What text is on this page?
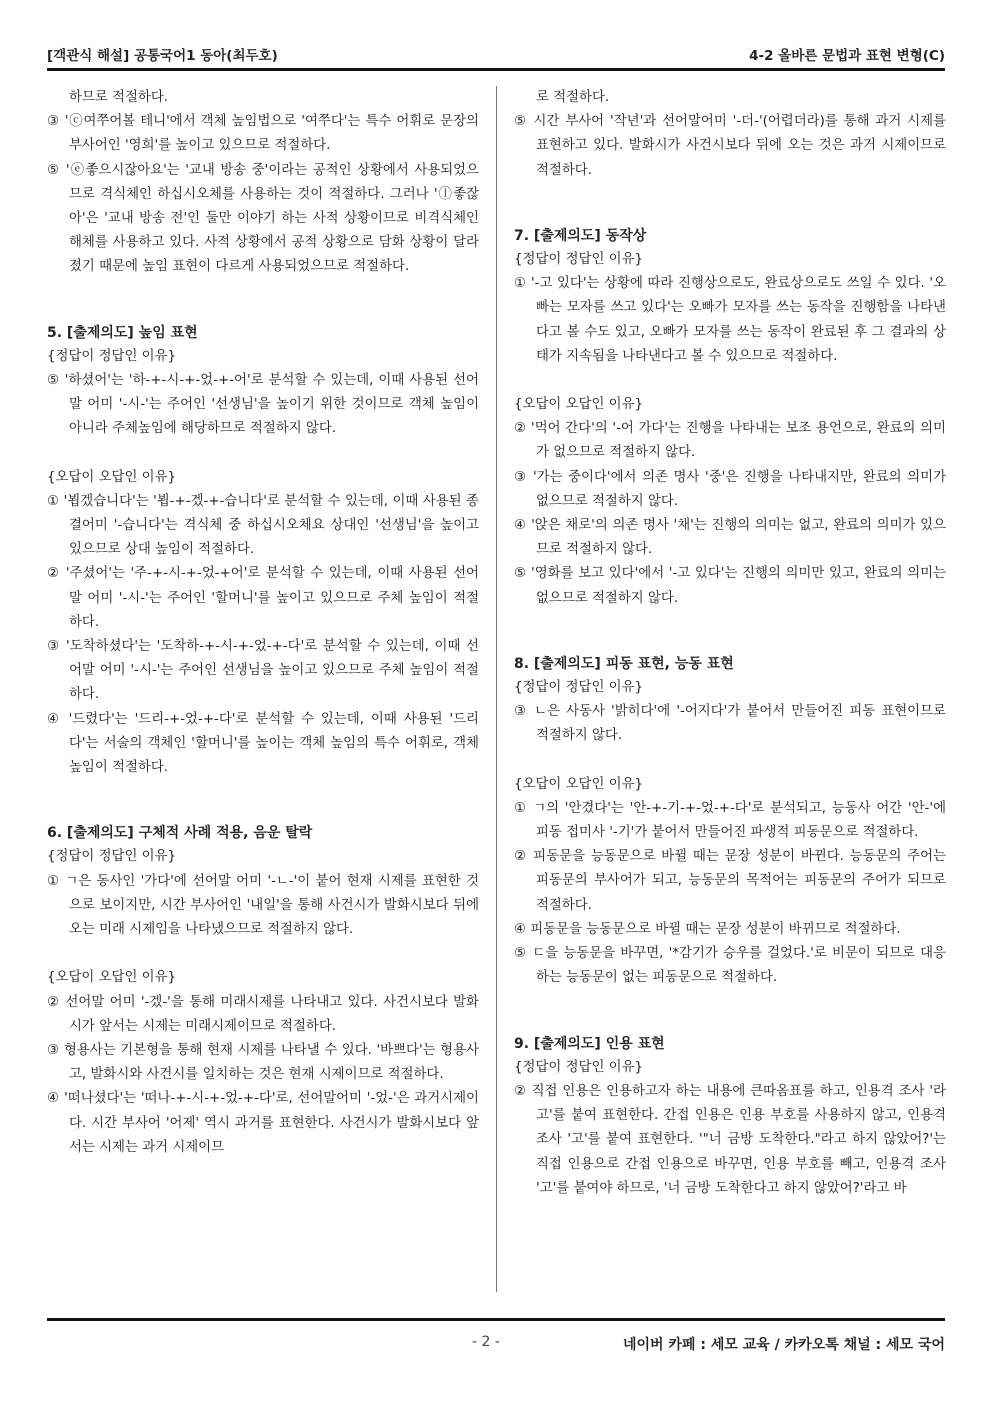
[객관식 해설] 공통국어1 동아(최두호)	4-2 올바른 문법과 표현 변형(C)

하므로 적절하다.

③ 'ⓒ여쭈어볼 테니'에서 객체 높임법으로 '여쭈다'는 특수 어휘로 문장의 부사어인 '영희'를 높이고 있으므로 적절하다.

⑤ 'ⓔ좋으시잖아요'는 '교내 방송 중'이라는 공적인 상황에서 사용되었으므로 격식체인 하십시오체를 사용하는 것이 적절하다. 그러나 'ⓛ좋잖아'은 '교내 방송 전'인 둘만 이야기 하는 사적 상황이므로 비격식체인 해체를 사용하고 있다. 사적 상황에서 공적 상황으로 담화 상황이 달라졌기 때문에 높임 표현이 다르게 사용되었으므로 적절하다.

5. [출제의도] 높임 표현

{정답이 정답인 이유}

⑤ '하셨어'는 '하-+-시-+-었-+-어'로 분석할 수 있는데, 이때 사용된 선어말 어미 '-시-'는 주어인 '선생님'을 높이기 위한 것이므로 객체 높임이 아니라 주체높임에 해당하므로 적절하지 않다.

{오답이 오답인 이유}

① '뵙겠습니다'는 '뵙-+-겠-+-습니다'로 분석할 수 있는데, 이때 사용된 종결어미 '-습니다'는 격식체 중 하십시오체요 상대인 '선생님'을 높이고 있으므로 상대 높임이 적절하다.

② '주셨어'는 '주-+-시-+-었-+어'로 분석할 수 있는데, 이때 사용된 선어말 어미 '-시-'는 주어인 '할머니'를 높이고 있으므로 주체 높임이 적절하다.

③ '도착하셨다'는 '도착하-+-시-+-었-+-다'로 분석할 수 있는데, 이때 선어말 어미 '-시-'는 주어인 선생님을 높이고 있으므로 주체 높임이 적절하다.

④ '드렸다'는 '드리-+-었-+-다'로 분석할 수 있는데, 이때 사용된 '드리다'는 서술의 객체인 '할머니'를 높이는 객체 높임의 특수 어휘로, 객체 높임이 적절하다.

6. [출제의도] 구체적 사례 적용, 음운 탈락

{정답이 정답인 이유}

① ㄱ은 동사인 '가다'에 선어말 어미 '-ㄴ-'이 붙어 현재 시제를 표현한 것으로 보이지만, 시간 부사어인 '내일'을 통해 사건시가 발화시보다 뒤에 오는 미래 시제임을 나타냈으므로 적절하지 않다.

{오답이 오답인 이유}

② 선어말 어미 '-겠-'을 통해 미래시제를 나타내고 있다. 사건시보다 발화시가 앞서는 시제는 미래시제이므로 적절하다.

③ 형용사는 기본형을 통해 현재 시제를 나타낼 수 있다. '바쁘다'는 형용사고, 발화시와 사건시를 일치하는 것은 현재 시제이므로 적절하다.

④ '떠나셨다'는 '떠나-+-시-+-었-+-다'로, 선어말어미 '-었-'은 과거시제이다. 시간 부사어 '어제' 역시 과거를 표현한다. 사건시가 발화시보다 앞서는 시제는 과거 시제이므

로 적절하다.

⑤ 시간 부사어 '작년'과 선어말어미 '-더-'(어렵더라)를 통해 과거 시제를 표현하고 있다. 발화시가 사건시보다 뒤에 오는 것은 과거 시제이므로 적절하다.

7. [출제의도] 동작상

{정답이 정답인 이유}

① '-고 있다'는 상황에 따라 진행상으로도, 완료상으로도 쓰일 수 있다. '오빠는 모자를 쓰고 있다'는 오빠가 모자를 쓰는 동작을 진행함을 나타낸다고 볼 수도 있고, 오빠가 모자를 쓰는 동작이 완료된 후 그 결과의 상태가 지속됨을 나타낸다고 볼 수 있으므로 적절하다.

{오답이 오답인 이유}

② '먹어 간다'의 '-어 가다'는 진행을 나타내는 보조 용언으로, 완료의 의미가 없으므로 적절하지 않다.

③ '가는 중이다'에서 의존 명사 '중'은 진행을 나타내지만, 완료의 의미가 없으므로 적절하지 않다.

④ '앉은 채로'의 의존 명사 '채'는 진행의 의미는 없고, 완료의 의미가 있으므로 적절하지 않다.

⑤ '영화를 보고 있다'에서 '-고 있다'는 진행의 의미만 있고, 완료의 의미는 없으므로 적절하지 않다.

8. [출제의도] 피동 표현, 능동 표현

{정답이 정답인 이유}

③ ㄴ은 사동사 '밝히다'에 '-어지다'가 붙어서 만들어진 피동 표현이므로 적절하지 않다.

{오답이 오답인 이유}

① ㄱ의 '안겼다'는 '안-+-기-+-었-+-다'로 분석되고, 능동사 어간 '안-'에 피동 접미사 '-기'가 붙어서 만들어진 파생적 피동문으로 적절하다.

② 피동문을 능동문으로 바뀔 때는 문장 성분이 바뀐다. 능동문의 주어는 피동문의 부사어가 되고, 능동문의 목적어는 피동문의 주어가 되므로 적절하다.

④ 피동문을 능동문으로 바뀔 때는 문장 성분이 바뀌므로 적절하다.

⑤ ㄷ을 능동문을 바꾸면, '*감기가 승우를 걸었다.'로 비문이 되므로 대응하는 능동문이 없는 피동문으로 적절하다.

9. [출제의도] 인용 표현

{정답이 정답인 이유}

② 직접 인용은 인용하고자 하는 내용에 큰따옴표를 하고, 인용격 조사 '라고'를 붙여 표현한다. 간접 인용은 인용 부호를 사용하지 않고, 인용격 조사 '고'를 붙여 표현한다. '"너 금방 도착한다."라고 하지 않았어?'는 직접 인용으로 간접 인용으로 바꾸면, 인용 부호를 빼고, 인용격 조사 '고'를 붙여야 하므로, '너 금방 도착한다고 하지 않았어?'라고 바

- 2 -	네이버 카페 : 세모 교육 / 카카오톡 채널 : 세모 국어
